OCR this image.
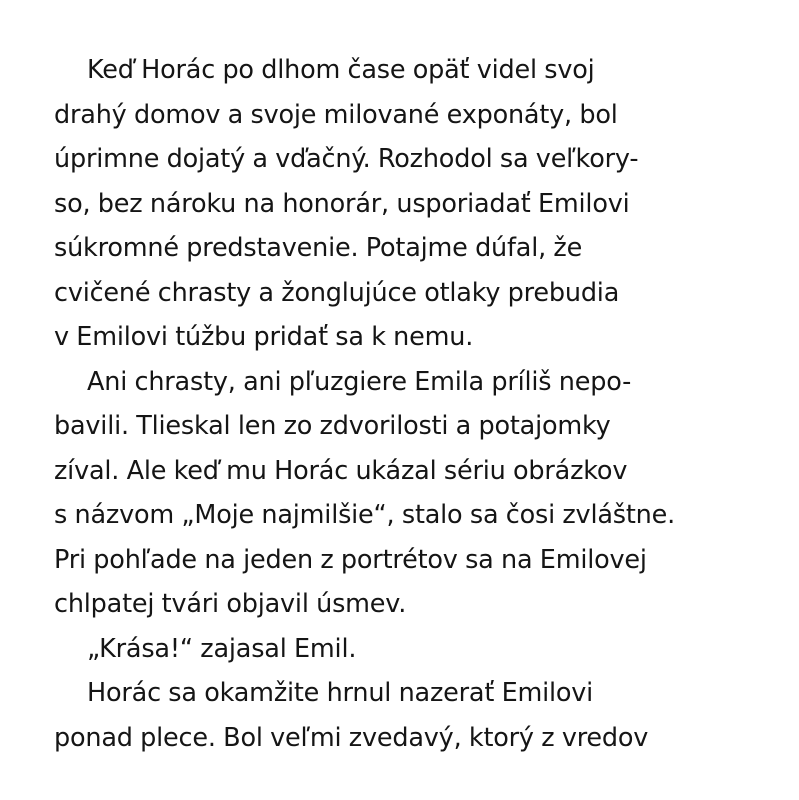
Keď Horác po dlhom čase opäť videl svoj
drahý domov a svoje milované exponáty, bol
úprimne dojatý a vďačný. Rozhodol sa veľkory-
so, bez nároku na honorár, usporiadať Emilovi
súkromné predstavenie. Potajme dúfal, že
cvičené chrasty a žonglujúce otlaky prebudia
v Emilovi túžbu pridať sa k nemu.
Ani chrasty, ani pľuzgiere Emila príliš nepo-
bavili. Tlieskal len zo zdvorilosti a potajomky
zíval. Ale keď mu Horác ukázal sériu obrázkov
s názvom „Moje najmilšie“, stalo sa čosi zvláštne.
Pri pohľade na jeden z portrétov sa na Emilovej
chlpatej tvári objavil úsmev.
„Krása!“ zajasal Emil.
Horác sa okamžite hrnul nazerať Emilovi
ponad plece. Bol veľmi zvedavý, ktorý z vredov
